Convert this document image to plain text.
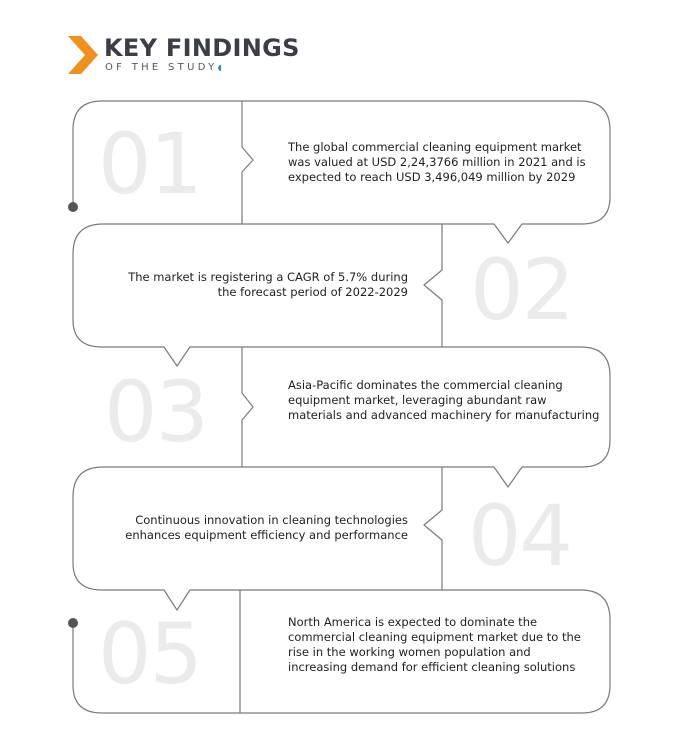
KEY FINDINGS
OF THE STUDY◖
01	The global commercial cleaning equipment market was valued at USD 2,24,3766 million in 2021 and is expected to reach USD 3,496,049 million by 2029
02
The market is registering a CAGR of 5.7% during the forecast period of 2022-2029
03	Asia-Pacific dominates the commercial cleaning equipment market, leveraging abundant raw materials and advanced machinery for manufacturing
04
Continuous innovation in cleaning technologies enhances equipment efficiency and performance
05	North America is expected to dominate the commercial cleaning equipment market due to the rise in the working women population and increasing demand for efficient cleaning solutions
